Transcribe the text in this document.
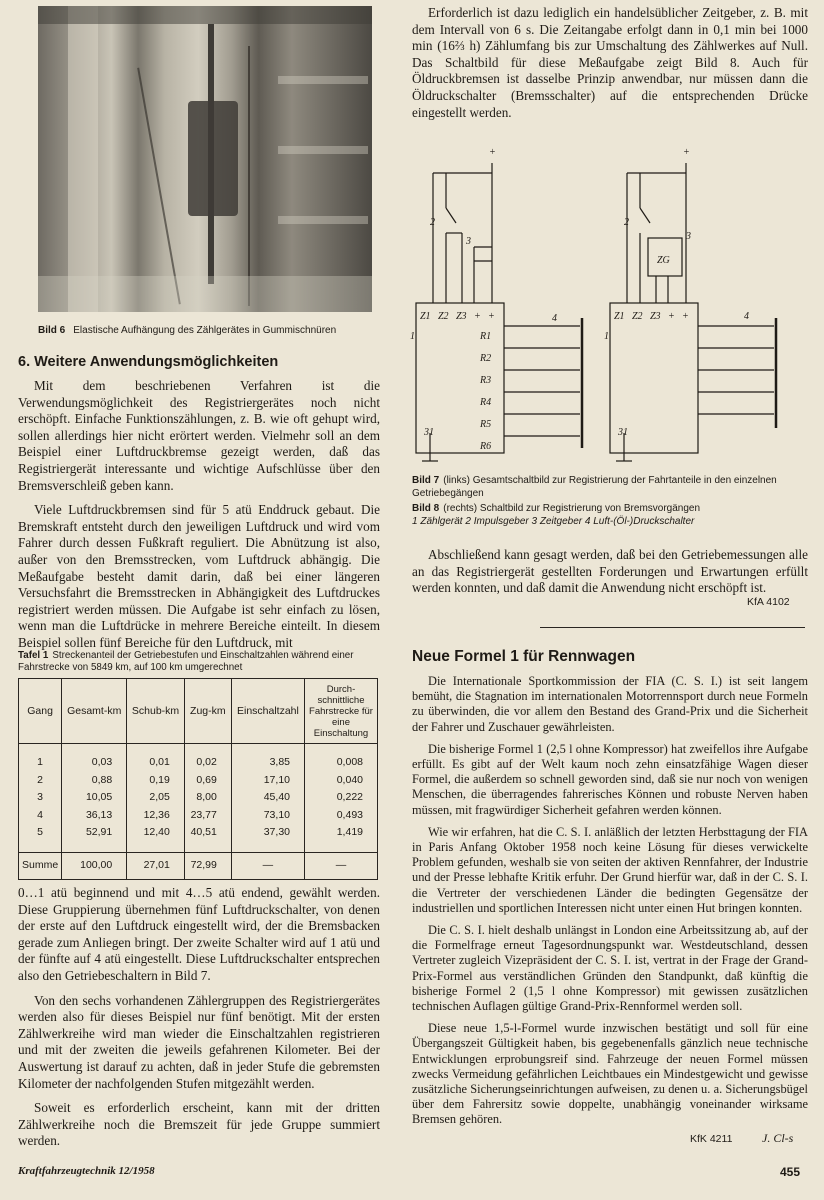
Bild 6 Elastische Aufhängung des Zählgerätes in Gummischnüren
6. Weitere Anwendungsmöglichkeiten

Mit dem beschriebenen Verfahren ist die Verwendungsmöglichkeit des Registriergerätes noch nicht erschöpft. Einfache Funktionszählungen, z. B. wie oft gehupt wird, sollen allerdings hier nicht erörtert werden. Vielmehr soll an dem Beispiel einer Luftdruckbremse gezeigt werden, daß das Registriergerät interessante und wichtige Aufschlüsse über den Bremsverschleiß geben kann.

Viele Luftdruckbremsen sind für 5 atü Enddruck gebaut. Die Bremskraft entsteht durch den jeweiligen Luftdruck und wird vom Fahrer durch dessen Fußkraft reguliert. Die Abnützung ist also, außer von den Bremsstrecken, vom Luftdruck abhängig. Die Meßaufgabe besteht damit darin, daß bei einer längeren Versuchsfahrt die Bremsstrecken in Abhängigkeit des Luftdruckes registriert werden müssen. Die Aufgabe ist sehr einfach zu lösen, wenn man die Luftdrücke in mehrere Bereiche einteilt. In diesem Beispiel sollen fünf Bereiche für den Luftdruck, mit

Tafel 1 Streckenanteil der Getriebestufen und Einschaltzahlen während einer Fahrstrecke von 5849 km, auf 100 km umgerechnet
Gang	Gesamt-km	Schub-km	Zug-km	Einschaltzahl	Durch-schnittliche Fahrstrecke für eine Einschaltung
1	0,03	0,01	0,02	3,85	0,008
2	0,88	0,19	0,69	17,10	0,040
3	10,05	2,05	8,00	45,40	0,222
4	36,13	12,36	23,77	73,10	0,493
5	52,91	12,40	40,51	37,30	1,419
Summe	100,00	27,01	72,99	—	—

0…1 atü beginnend und mit 4…5 atü endend, gewählt werden. Diese Gruppierung übernehmen fünf Luftdruckschalter, von denen der erste auf den Luftdruck eingestellt wird, der die Bremsbacken gerade zum Anliegen bringt. Der zweite Schalter wird auf 1 atü und der fünfte auf 4 atü eingestellt. Diese Luftdruckschalter entsprechen also den Getriebeschaltern in Bild 7.

Von den sechs vorhandenen Zählergruppen des Registriergerätes werden also für dieses Beispiel nur fünf benötigt. Mit der ersten Zählwerkreihe wird man wieder die Einschaltzahlen registrieren und mit der zweiten die jeweils gefahrenen Kilometer. Bei der Auswertung ist darauf zu achten, daß in jeder Stufe die gebremsten Kilometer der nachfolgenden Stufen mitgezählt werden.

Soweit es erforderlich erscheint, kann mit der dritten Zählwerkreihe noch die Bremszeit für jede Gruppe summiert werden.

Erforderlich ist dazu lediglich ein handelsüblicher Zeitgeber, z. B. mit dem Intervall von 6 s. Die Zeitangabe erfolgt dann in 0,1 min bei 1000 min (16⅔ h) Zählumfang bis zur Umschaltung des Zählwerkes auf Null. Das Schaltbild für diese Meßaufgabe zeigt Bild 8. Auch für Öldruckbremsen ist dasselbe Prinzip anwendbar, nur müssen dann die Öldruckschalter (Bremsschalter) auf die entsprechenden Drücke eingestellt werden.

+
2
3
Z1 Z2 Z3 + +
1
4
R1
R2
R3
R4
R5
R6
31
+
2
3
ZG
Z1 Z2 Z3 + +
1
4
31
Bild 7 (links) Gesamtschaltbild zur Registrierung der Fahrtanteile in den einzelnen Getriebegängen
Bild 8 (rechts) Schaltbild zur Registrierung von Bremsvorgängen
1 Zählgerät 2 Impulsgeber 3 Zeitgeber 4 Luft-(Öl-)Druckschalter

Abschließend kann gesagt werden, daß bei den Getriebemessungen alle an das Registriergerät gestellten Forderungen und Erwartungen erfüllt werden konnten, und daß damit die Anwendung nicht erschöpft ist.

KfA 4102
Neue Formel 1 für Rennwagen

Die Internationale Sportkommission der FIA (C. S. I.) ist seit langem bemüht, die Stagnation im internationalen Motorrennsport durch neue Formeln zu überwinden, die vor allem den Bestand des Grand-Prix und die Sicherheit der Fahrer und Zuschauer gewährleisten.

Die bisherige Formel 1 (2,5 l ohne Kompressor) hat zweifellos ihre Aufgabe erfüllt. Es gibt auf der Welt kaum noch zehn einsatzfähige Wagen dieser Formel, die außerdem so schnell geworden sind, daß sie nur noch von wenigen Menschen, die überragendes fahrerisches Können und robuste Nerven haben müssen, mit fragwürdiger Sicherheit gefahren werden können.

Wie wir erfahren, hat die C. S. I. anläßlich der letzten Herbsttagung der FIA in Paris Anfang Oktober 1958 noch keine Lösung für dieses verwickelte Problem gefunden, weshalb sie von seiten der aktiven Rennfahrer, der Industrie und der Presse lebhafte Kritik erfuhr. Der Grund hierfür war, daß in der C. S. I. die Vertreter der verschiedenen Länder die bedingten Gegensätze der industriellen und sportlichen Interessen nicht unter einen Hut bringen konnten.

Die C. S. I. hielt deshalb unlängst in London eine Arbeitssitzung ab, auf der die Formelfrage erneut Tagesordnungspunkt war. Westdeutschland, dessen Vertreter zugleich Vizepräsident der C. S. I. ist, vertrat in der Frage der Grand-Prix-Formel aus verständlichen Gründen den Standpunkt, daß künftig die bisherige Formel 2 (1,5 l ohne Kompressor) mit gewissen zusätzlichen technischen Auflagen gültige Grand-Prix-Rennformel werden soll.

Diese neue 1,5-l-Formel wurde inzwischen bestätigt und soll für eine Übergangszeit Gültigkeit haben, bis gegebenenfalls gänzlich neue technische Entwicklungen erprobungsreif sind. Fahrzeuge der neuen Formel müssen zwecks Vermeidung gefährlichen Leichtbaues ein Mindestgewicht und gewisse zusätzliche Sicherungseinrichtungen aufweisen, zu denen u. a. Sicherungsbügel über dem Fahrersitz sowie doppelte, unabhängig voneinander wirksame Bremsen gehören.

KfK 4211 J. Cl-s
Kraftfahrzeugtechnik 12/1958	455
